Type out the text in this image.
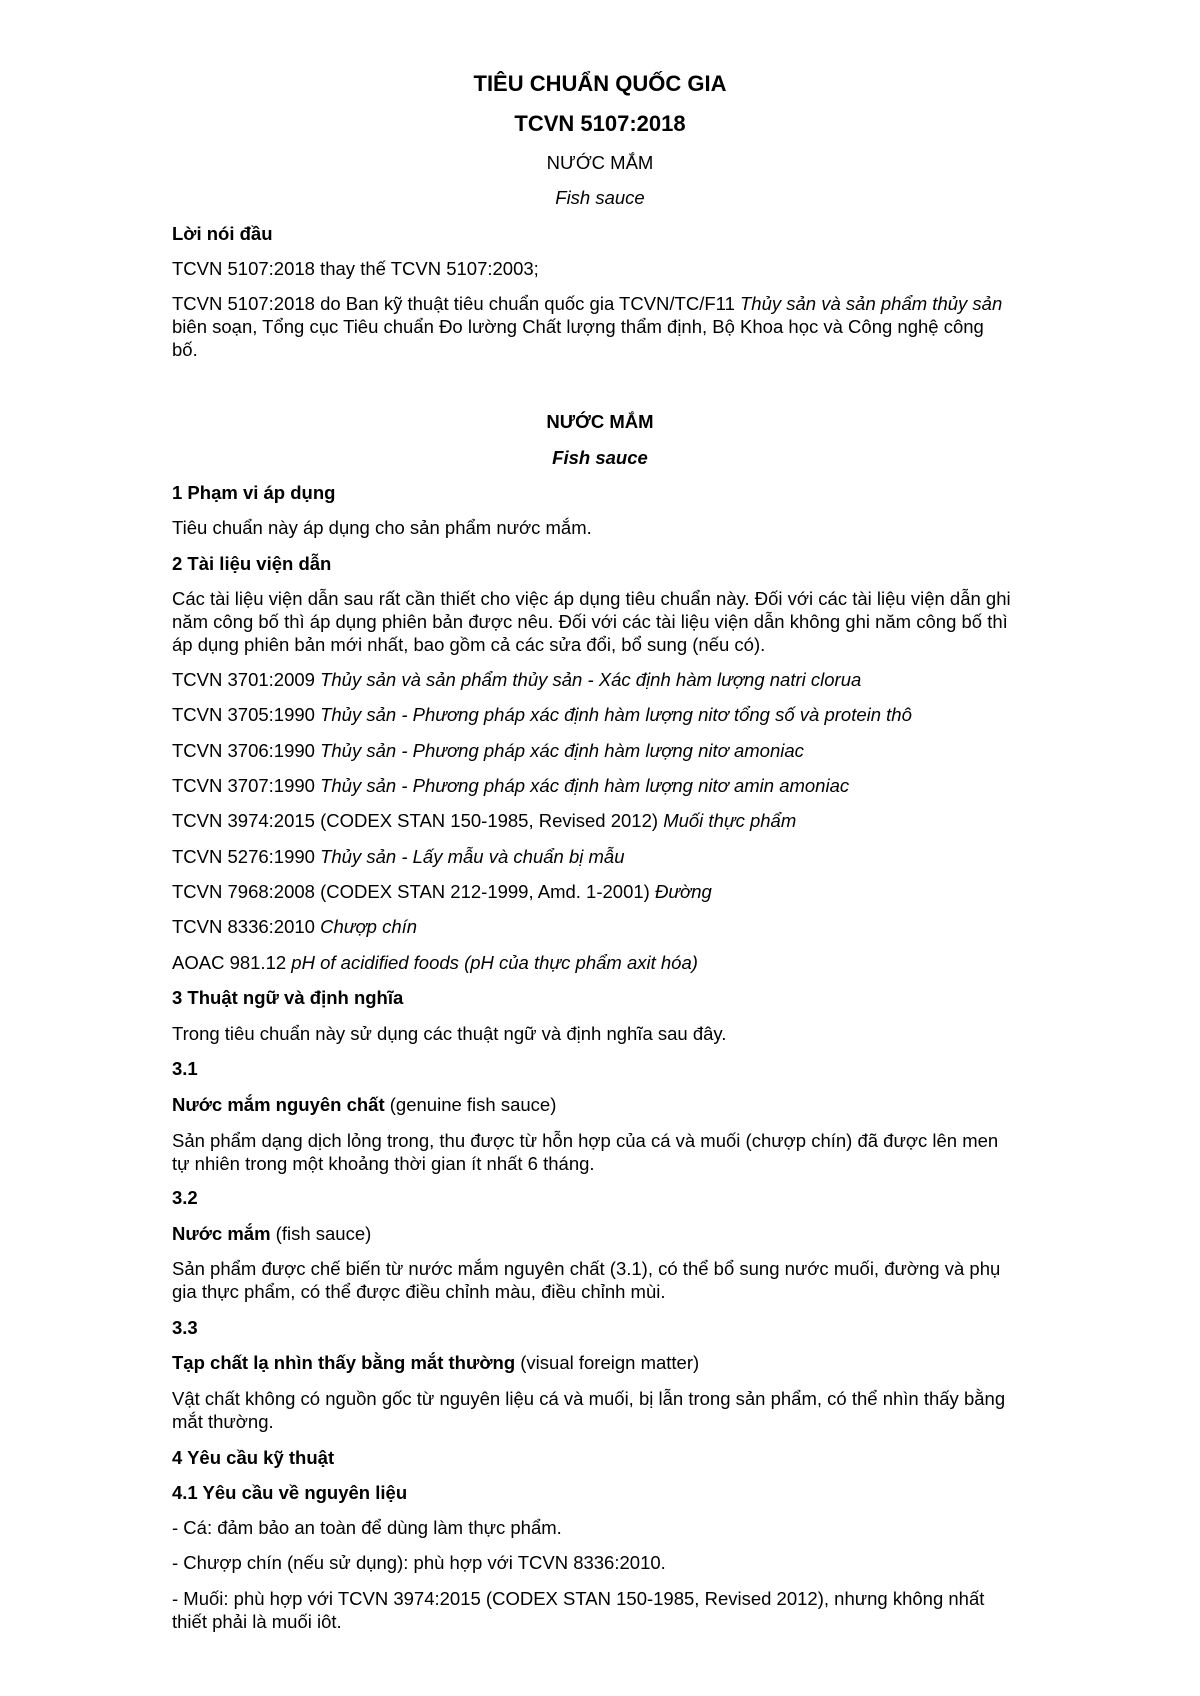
TIÊU CHUẨN QUỐC GIA
TCVN 5107:2018
NƯỚC MẮM
Fish sauce
Lời nói đầu
TCVN 5107:2018 thay thế TCVN 5107:2003;
TCVN 5107:2018 do Ban kỹ thuật tiêu chuẩn quốc gia TCVN/TC/F11 Thủy sản và sản phẩm thủy sản
biên soạn, Tổng cục Tiêu chuẩn Đo lường Chất lượng thẩm định, Bộ Khoa học và Công nghệ công
bố.
NƯỚC MẮM
Fish sauce
1 Phạm vi áp dụng
Tiêu chuẩn này áp dụng cho sản phẩm nước mắm.
2 Tài liệu viện dẫn
Các tài liệu viện dẫn sau rất cần thiết cho việc áp dụng tiêu chuẩn này. Đối với các tài liệu viện dẫn ghi
năm công bố thì áp dụng phiên bản được nêu. Đối với các tài liệu viện dẫn không ghi năm công bố thì
áp dụng phiên bản mới nhất, bao gồm cả các sửa đổi, bổ sung (nếu có).
TCVN 3701:2009 Thủy sản và sản phẩm thủy sản - Xác định hàm lượng natri clorua
TCVN 3705:1990 Thủy sản - Phương pháp xác định hàm lượng nitơ tổng số và protein thô
TCVN 3706:1990 Thủy sản - Phương pháp xác định hàm lượng nitơ amoniac
TCVN 3707:1990 Thủy sản - Phương pháp xác định hàm lượng nitơ amin amoniac
TCVN 3974:2015 (CODEX STAN 150-1985, Revised 2012) Muối thực phẩm
TCVN 5276:1990 Thủy sản - Lấy mẫu và chuẩn bị mẫu
TCVN 7968:2008 (CODEX STAN 212-1999, Amd. 1-2001) Đường
TCVN 8336:2010 Chượp chín
AOAC 981.12 pH of acidified foods (pH của thực phẩm axit hóa)
3 Thuật ngữ và định nghĩa
Trong tiêu chuẩn này sử dụng các thuật ngữ và định nghĩa sau đây.
3.1
Nước mắm nguyên chất (genuine fish sauce)
Sản phẩm dạng dịch lỏng trong, thu được từ hỗn hợp của cá và muối (chượp chín) đã được lên men
tự nhiên trong một khoảng thời gian ít nhất 6 tháng.
3.2
Nước mắm (fish sauce)
Sản phẩm được chế biến từ nước mắm nguyên chất (3.1), có thể bổ sung nước muối, đường và phụ
gia thực phẩm, có thể được điều chỉnh màu, điều chỉnh mùi.
3.3
Tạp chất lạ nhìn thấy bằng mắt thường (visual foreign matter)
Vật chất không có nguồn gốc từ nguyên liệu cá và muối, bị lẫn trong sản phẩm, có thể nhìn thấy bằng
mắt thường.
4 Yêu cầu kỹ thuật
4.1 Yêu cầu về nguyên liệu
- Cá: đảm bảo an toàn để dùng làm thực phẩm.
- Chượp chín (nếu sử dụng): phù hợp với TCVN 8336:2010.
- Muối: phù hợp với TCVN 3974:2015 (CODEX STAN 150-1985, Revised 2012), nhưng không nhất
thiết phải là muối iôt.
